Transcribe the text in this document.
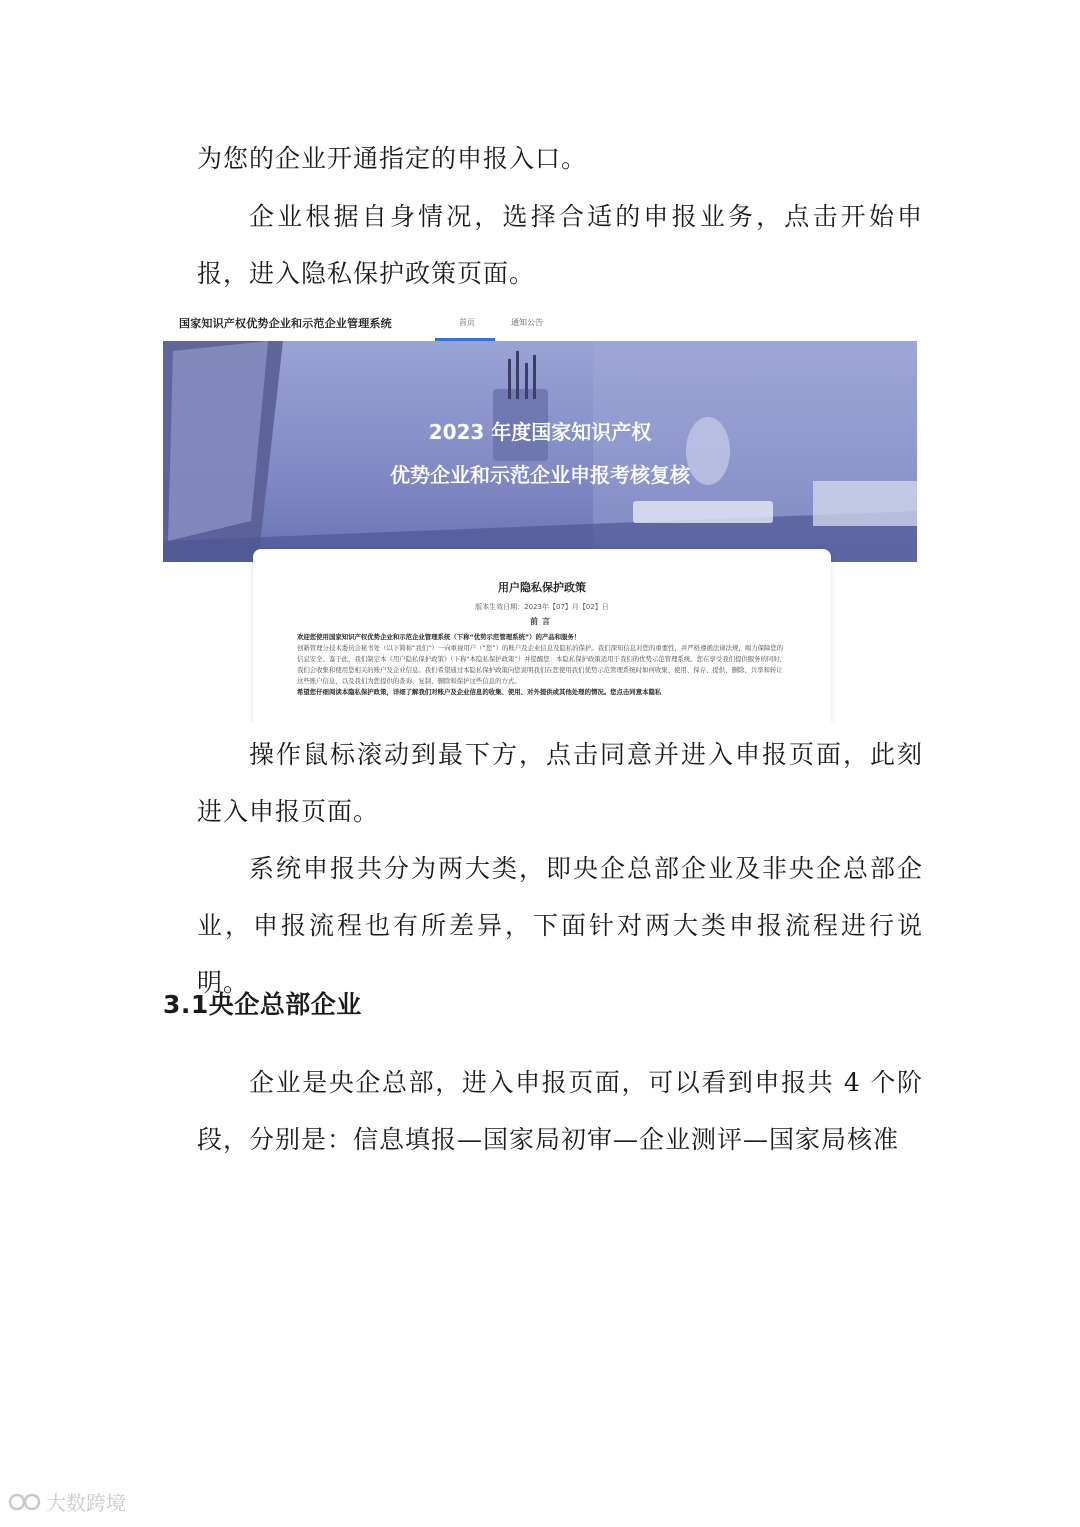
为您的企业开通指定的申报入口。

企业根据自身情况，选择合适的申报业务，点击开始申报，进入隐私保护政策页面。

国家知识产权优势企业和示范企业管理系统	首页	通知公告
2023 年度国家知识产权
优势企业和示范企业申报考核复核
用户隐私保护政策
版本生效日期：2023年【07】月【02】日
前言

欢迎您使用国家知识产权优势企业和示范企业管理系统（下称“优势示范管理系统”）的产品和服务！

创新管理分技术委员会秘书处（以下简称“我们”）一向重视用户（“您”）的账户及企业信息及隐私的保护。我们深知信息对您的重要性，并严格遵循法律法规，竭力保障您的信息安全。鉴于此，我们制定本《用户隐私保护政策》（下称“本隐私保护政策”）并提醒您：本隐私保护政策适用于我们的优势示范管理系统。您在享受我们提供服务的同时，我们会收集和使用您相关的账户及企业信息。我们希望通过本隐私保护政策向您说明我们在您使用我们优势示范管理系统时如何收集、使用、保存、提供、删除、共享和转让这些账户信息，以及我们为您提供的查询、复制、删除和保护这些信息的方式。

希望您仔细阅读本隐私保护政策，详细了解我们对账户及企业信息的收集、使用、对外提供或其他处理的情况。您点击同意本隐私

操作鼠标滚动到最下方，点击同意并进入申报页面，此刻进入申报页面。

系统申报共分为两大类，即央企总部企业及非央企总部企业，申报流程也有所差异，下面针对两大类申报流程进行说明。

3.1央企总部企业

企业是央企总部，进入申报页面，可以看到申报共 4 个阶段，分别是：信息填报—国家局初审—企业测评—国家局核准

大数跨境
